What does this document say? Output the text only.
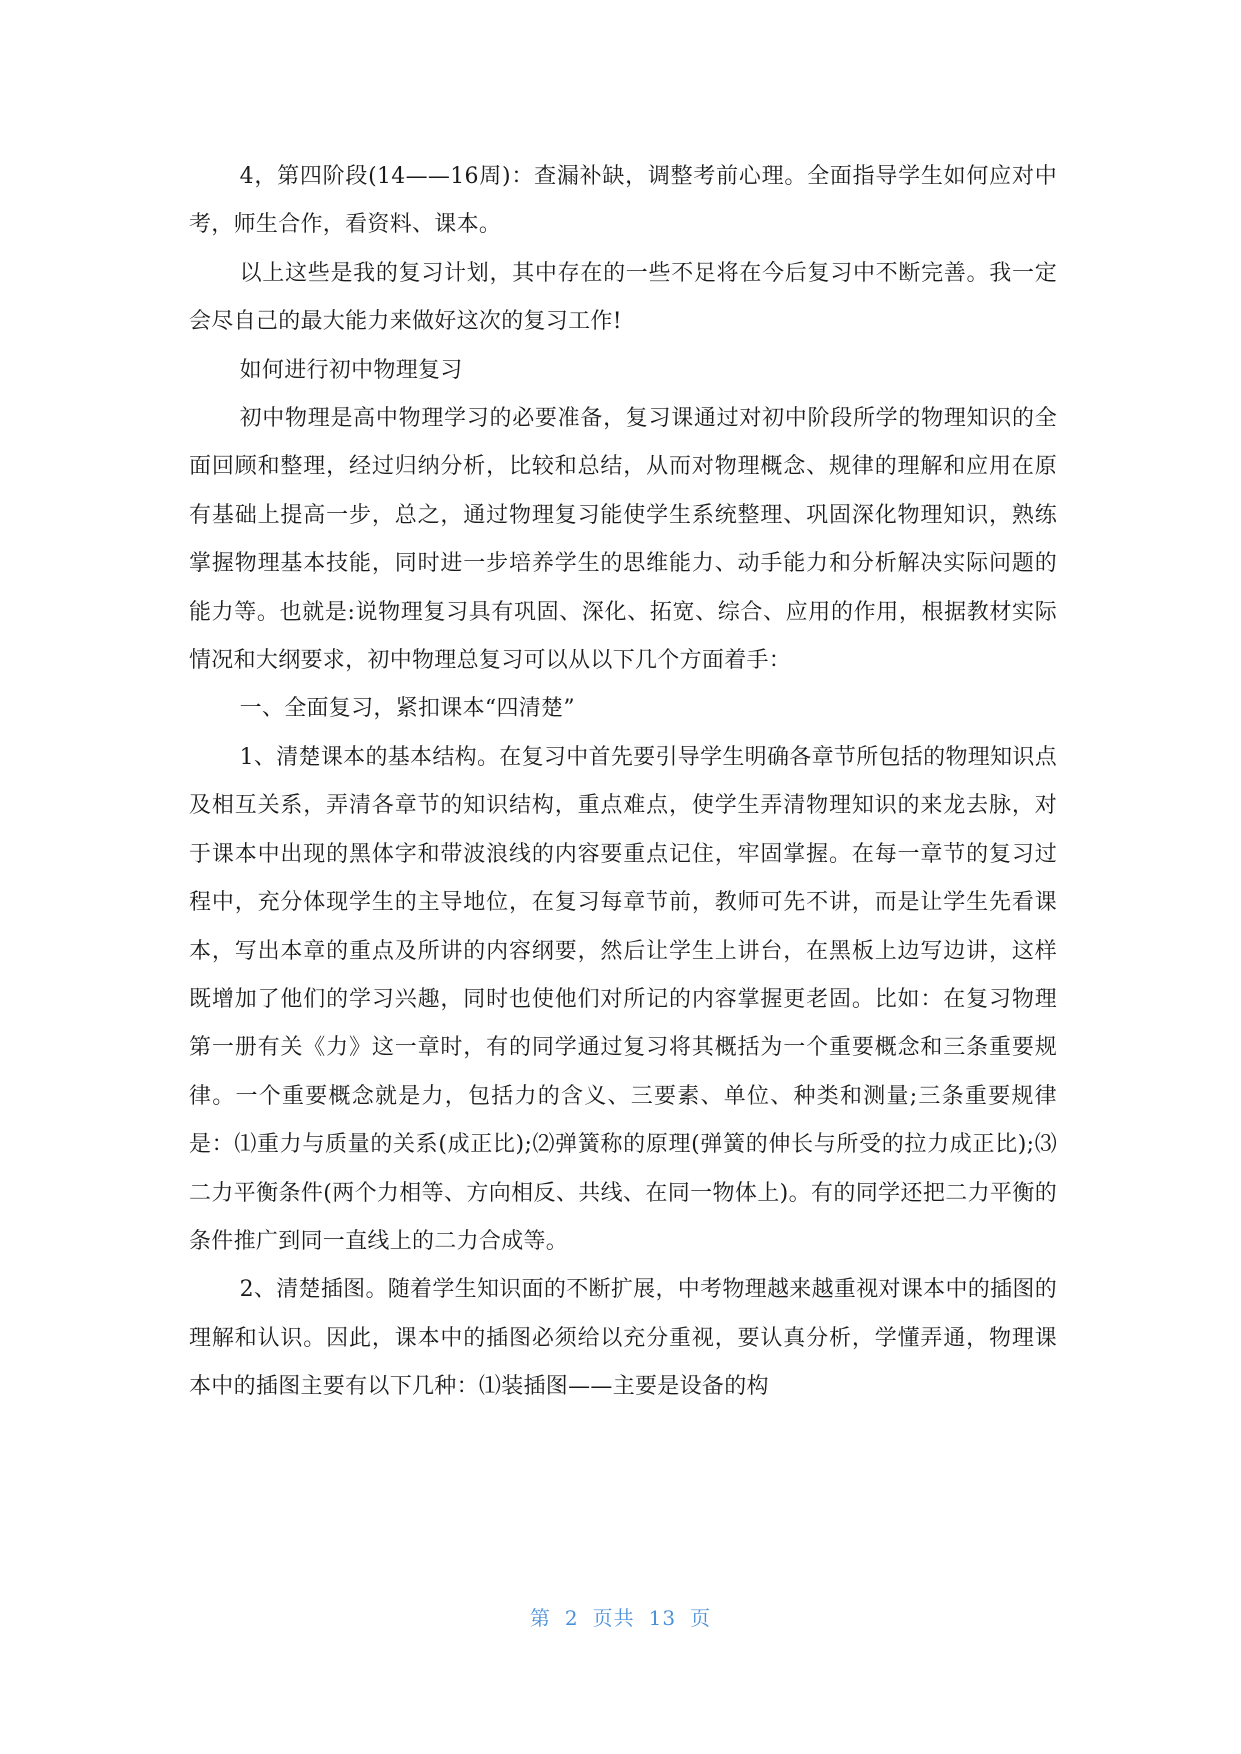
4，第四阶段(14——16周)：查漏补缺，调整考前心理。全面指导学生如何应对中考，师生合作，看资料、课本。

以上这些是我的复习计划，其中存在的一些不足将在今后复习中不断完善。我一定会尽自己的最大能力来做好这次的复习工作!

如何进行初中物理复习

初中物理是高中物理学习的必要准备，复习课通过对初中阶段所学的物理知识的全面回顾和整理，经过归纳分析，比较和总结，从而对物理概念、规律的理解和应用在原有基础上提高一步，总之，通过物理复习能使学生系统整理、巩固深化物理知识，熟练掌握物理基本技能，同时进一步培养学生的思维能力、动手能力和分析解决实际问题的能力等。也就是:说物理复习具有巩固、深化、拓宽、综合、应用的作用，根据教材实际情况和大纲要求，初中物理总复习可以从以下几个方面着手：

一、全面复习，紧扣课本“四清楚”

1、清楚课本的基本结构。在复习中首先要引导学生明确各章节所包括的物理知识点及相互关系，弄清各章节的知识结构，重点难点，使学生弄清物理知识的来龙去脉，对于课本中出现的黑体字和带波浪线的内容要重点记住，牢固掌握。在每一章节的复习过程中，充分体现学生的主导地位，在复习每章节前，教师可先不讲，而是让学生先看课本，写出本章的重点及所讲的内容纲要，然后让学生上讲台，在黑板上边写边讲，这样既增加了他们的学习兴趣，同时也使他们对所记的内容掌握更老固。比如：在复习物理第一册有关《力》这一章时，有的同学通过复习将其概括为一个重要概念和三条重要规律。一个重要概念就是力，包括力的含义、三要素、单位、种类和测量;三条重要规律是：⑴重力与质量的关系(成正比);⑵弹簧称的原理(弹簧的伸长与所受的拉力成正比);⑶二力平衡条件(两个力相等、方向相反、共线、在同一物体上)。有的同学还把二力平衡的条件推广到同一直线上的二力合成等。

2、清楚插图。随着学生知识面的不断扩展，中考物理越来越重视对课本中的插图的理解和认识。因此，课本中的插图必须给以充分重视，要认真分析，学懂弄通，物理课本中的插图主要有以下几种：⑴装插图——主要是设备的构

第 2 页共 13 页
